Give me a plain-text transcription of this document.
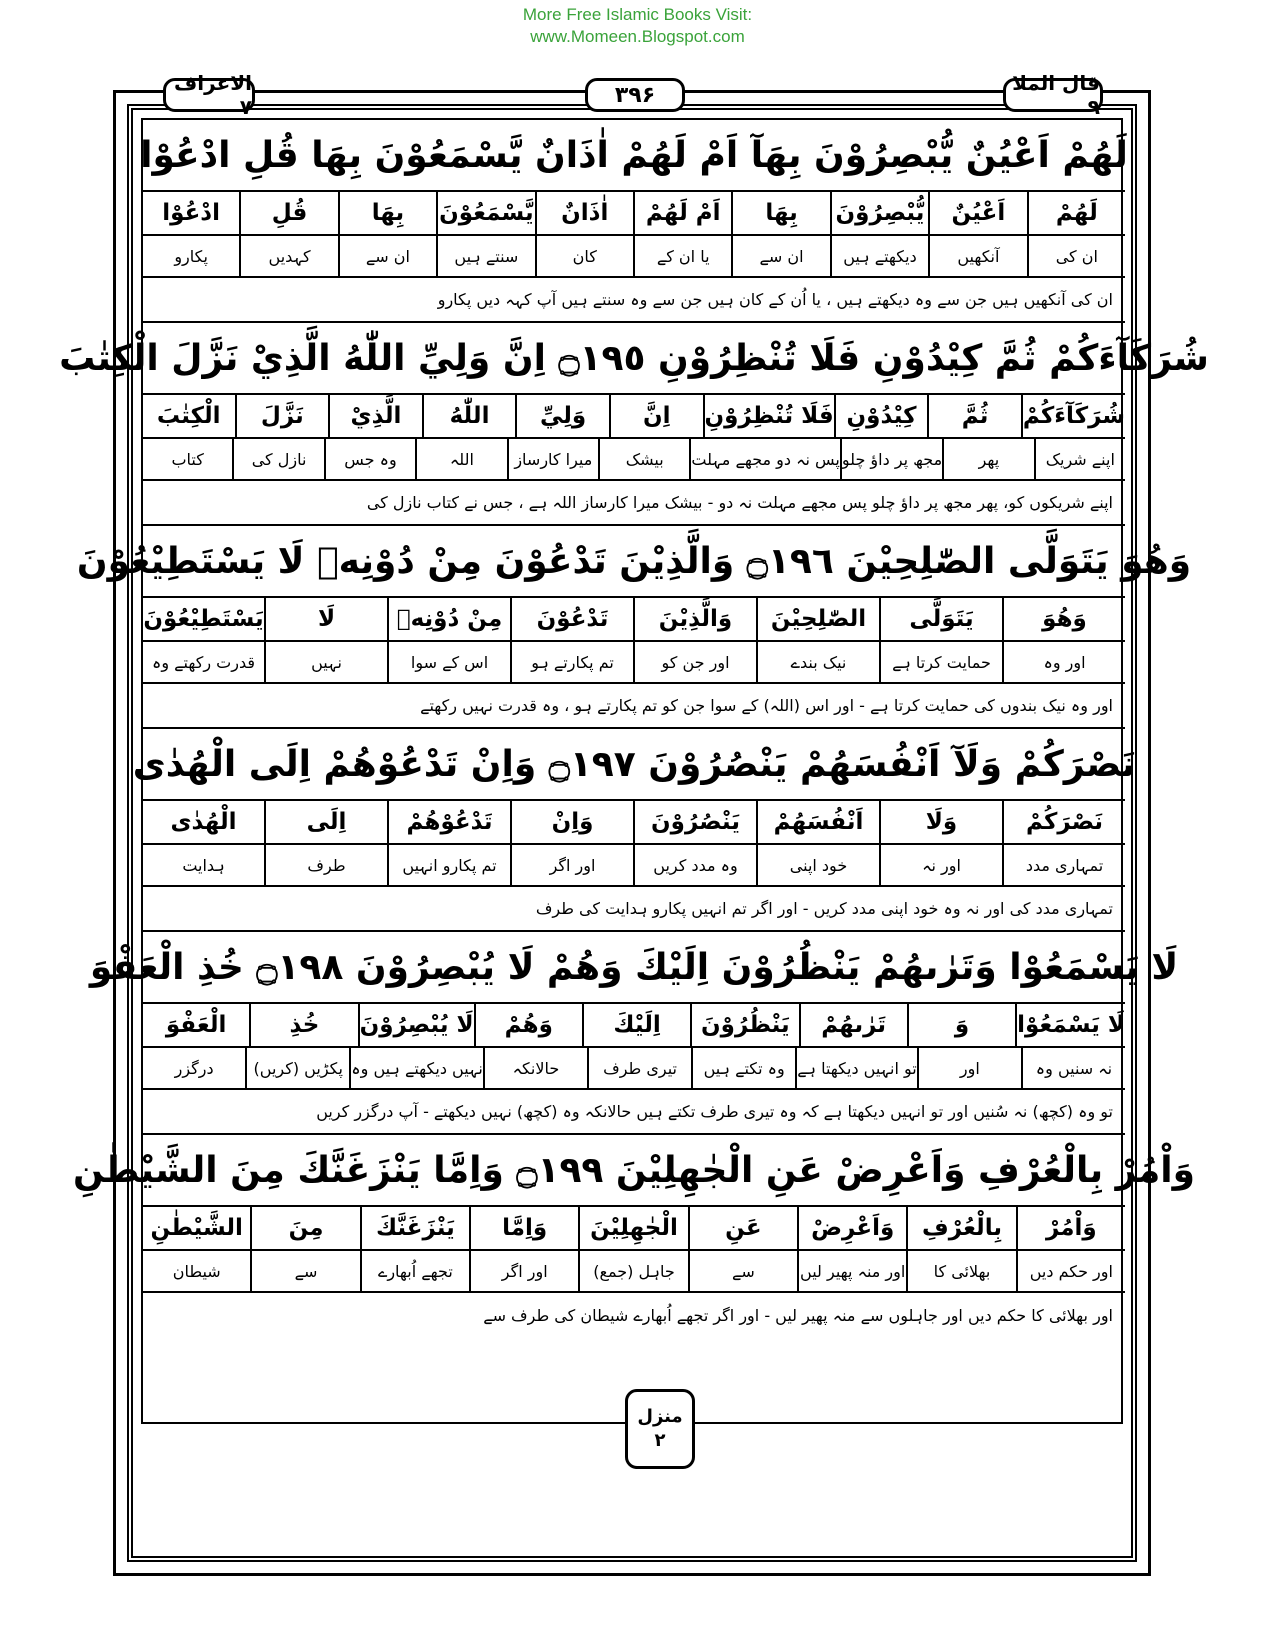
More Free Islamic Books Visit:
www.Momeen.Blogspot.com
الاعراف ۷	۳۹۶	قال الملا ۹
لَهُمْ اَعْيُنٌ يُّبْصِرُوْنَ بِهَآ اَمْ لَهُمْ اٰذَانٌ يَّسْمَعُوْنَ بِهَا قُلِ ادْعُوْا
لَهُمْ
اَعْيُنٌ
يُّبْصِرُوْنَ
بِهَا
اَمْ لَهُمْ
اٰذَانٌ
يَّسْمَعُوْنَ
بِهَا
قُلِ
ادْعُوْا
ان کی
آنکھیں
دیکھتے ہیں
ان سے
یا ان کے
کان
سنتے ہیں
ان سے
کہدیں
پکارو
ان کی آنکھیں ہیں جن سے وہ دیکھتے ہیں ، یا اُن کے کان ہیں جن سے وہ سنتے ہیں آپ کہہ دیں پکارو
شُرَكَآءَكُمْ ثُمَّ كِيْدُوْنِ فَلَا تُنْظِرُوْنِ ۝١٩٥ اِنَّ وَلِيِّ اللّٰهُ الَّذِيْ نَزَّلَ الْكِتٰبَ
شُرَكَآءَكُمْ
ثُمَّ
كِيْدُوْنِ
فَلَا تُنْظِرُوْنِ
اِنَّ
وَلِيِّ
اللّٰهُ
الَّذِيْ
نَزَّلَ
الْكِتٰبَ
اپنے شریک
پھر
مجھ پر داؤ چلو
پس نہ دو مجھے مہلت
بیشک
میرا کارساز
اللہ
وہ جس
نازل کی
کتاب
اپنے شریکوں کو، پھر مجھ پر داؤ چلو پس مجھے مہلت نہ دو - بیشک میرا کارساز اللہ ہے ، جس نے کتاب نازل کی
وَهُوَ يَتَوَلَّى الصّٰلِحِيْنَ ۝١٩٦ وَالَّذِيْنَ تَدْعُوْنَ مِنْ دُوْنِهٖ لَا يَسْتَطِيْعُوْنَ
وَهُوَ
يَتَوَلَّى
الصّٰلِحِيْنَ
وَالَّذِيْنَ
تَدْعُوْنَ
مِنْ دُوْنِهٖ
لَا
يَسْتَطِيْعُوْنَ
اور وہ
حمایت کرتا ہے
نیک بندے
اور جن کو
تم پکارتے ہو
اس کے سوا
نہیں
قدرت رکھتے وہ
اور وہ نیک بندوں کی حمایت کرتا ہے - اور اس (اللہ) کے سوا جن کو تم پکارتے ہو ، وہ قدرت نہیں رکھتے
نَصْرَكُمْ وَلَآ اَنْفُسَهُمْ يَنْصُرُوْنَ ۝١٩٧ وَاِنْ تَدْعُوْهُمْ اِلَى الْهُدٰى
نَصْرَكُمْ
وَلَا
اَنْفُسَهُمْ
يَنْصُرُوْنَ
وَاِنْ
تَدْعُوْهُمْ
اِلَى
الْهُدٰى
تمہاری مدد
اور نہ
خود اپنی
وہ مدد کریں
اور اگر
تم پکارو انہیں
طرف
ہدایت
تمہاری مدد کی اور نہ وہ خود اپنی مدد کریں - اور اگر تم انہیں پکارو ہدایت کی طرف
لَا يَسْمَعُوْا وَتَرٰىهُمْ يَنْظُرُوْنَ اِلَيْكَ وَهُمْ لَا يُبْصِرُوْنَ ۝١٩٨ خُذِ الْعَفْوَ
لَا يَسْمَعُوْا
وَ
تَرٰىهُمْ
يَنْظُرُوْنَ
اِلَيْكَ
وَهُمْ
لَا يُبْصِرُوْنَ
خُذِ
الْعَفْوَ
نہ سنیں وہ
اور
تو انہیں دیکھتا ہے
وہ تکتے ہیں
تیری طرف
حالانکہ
نہیں دیکھتے ہیں وہ
پکڑیں (کریں)
درگزر
تو وہ (کچھ) نہ سُنیں اور تو انہیں دیکھتا ہے کہ وہ تیری طرف تکتے ہیں حالانکہ وہ (کچھ) نہیں دیکھتے - آپ درگزر کریں
وَاْمُرْ بِالْعُرْفِ وَاَعْرِضْ عَنِ الْجٰهِلِيْنَ ۝١٩٩ وَاِمَّا يَنْزَغَنَّكَ مِنَ الشَّيْطٰنِ
وَاْمُرْ
بِالْعُرْفِ
وَاَعْرِضْ
عَنِ
الْجٰهِلِيْنَ
وَاِمَّا
يَنْزَغَنَّكَ
مِنَ
الشَّيْطٰنِ
اور حکم دیں
بھلائی کا
اور منہ پھیر لیں
سے
جاہل (جمع)
اور اگر
تجھے اُبھارے
سے
شیطان
اور بھلائی کا حکم دیں اور جاہلوں سے منہ پھیر لیں - اور اگر تجھے اُبھارے شیطان کی طرف سے
منزل
۲
